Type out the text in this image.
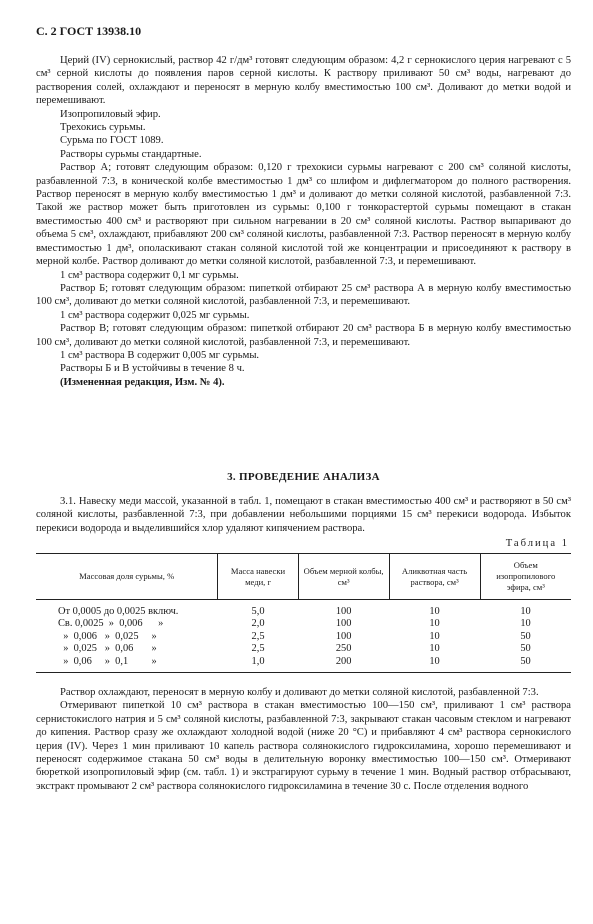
С. 2 ГОСТ 13938.10

Церий (IV) сернокислый, раствор 42 г/дм³ готовят следующим образом: 4,2 г сернокислого церия нагревают с 5 см³ серной кислоты до появления паров серной кислоты. К раствору приливают 50 см³ воды, нагревают до растворения солей, охлаждают и переносят в мерную колбу вместимостью 100 см³. Доливают до метки водой и перемешивают.

Изопропиловый эфир.

Трехокись сурьмы.

Сурьма по ГОСТ 1089.

Растворы сурьмы стандартные.

Раствор А; готовят следующим образом: 0,120 г трехокиси сурьмы нагревают с 200 см³ соляной кислоты, разбавленной 7:3, в конической колбе вместимостью 1 дм³ со шлифом и дифлегматором до полного растворения. Раствор переносят в мерную колбу вместимостью 1 дм³ и доливают до метки соляной кислотой, разбавленной 7:3. Такой же раствор может быть приготовлен из сурьмы: 0,100 г тонкорастертой сурьмы помещают в стакан вместимостью 400 см³ и растворяют при сильном нагревании в 20 см³ соляной кислоты. Раствор выпаривают до объема 5 см³, охлаждают, прибавляют 200 см³ соляной кислоты, разбавленной 7:3. Раствор переносят в мерную колбу вместимостью 1 дм³, ополаскивают стакан соляной кислотой той же концентрации и присоединяют к раствору в мерной колбе. Раствор доливают до метки соляной кислотой, разбавленной 7:3, и перемешивают.

1 см³ раствора содержит 0,1 мг сурьмы.

Раствор Б; готовят следующим образом: пипеткой отбирают 25 см³ раствора А в мерную колбу вместимостью 100 см³, доливают до метки соляной кислотой, разбавленной 7:3, и перемешивают.

1 см³ раствора содержит 0,025 мг сурьмы.

Раствор В; готовят следующим образом: пипеткой отбирают 20 см³ раствора Б в мерную колбу вместимостью 100 см³, доливают до метки соляной кислотой, разбавленной 7:3, и перемешивают.

1 см³ раствора В содержит 0,005 мг сурьмы.

Растворы Б и В устойчивы в течение 8 ч.

(Измененная редакция, Изм. № 4).

3. ПРОВЕДЕНИЕ АНАЛИЗА

3.1. Навеску меди массой, указанной в табл. 1, помещают в стакан вместимостью 400 см³ и растворяют в 50 см³ соляной кислоты, разбавленной 7:3, при добавлении небольшими порциями 15 см³ перекиси водорода. Избыток перекиси водорода и выделившийся хлор удаляют кипячением раствора.

Таблица 1
Массовая доля сурьмы, %	Масса навески меди, г	Объем мерной колбы, см³	Аликвотная часть раствора, см³	Объем изопропилового эфира, см³
От 0,0005 до 0,0025 включ.	5,0	100	10	10
Св. 0,0025  »  0,006      »	2,0	100	10	10
»  0,006   »  0,025     »	2,5	100	10	50
»  0,025   »  0,06       »	2,5	250	10	50
»  0,06     »  0,1         »	1,0	200	10	50

Раствор охлаждают, переносят в мерную колбу и доливают до метки соляной кислотой, разбавленной 7:3.

Отмеривают пипеткой 10 см³ раствора в стакан вместимостью 100—150 см³, приливают 1 см³ раствора сернистокислого натрия и 5 см³ соляной кислоты, разбавленной 7:3, закрывают стакан часовым стеклом и нагревают до кипения. Раствор сразу же охлаждают холодной водой (ниже 20 °С) и прибавляют 4 см³ раствора сернокислого церия (IV). Через 1 мин приливают 10 капель раствора солянокислого гидроксиламина, хорошо перемешивают и переносят содержимое стакана 50 см³ воды в делительную воронку вместимостью 100—150 см³. Отмеривают бюреткой изопропиловый эфир (см. табл. 1) и экстрагируют сурьму в течение 1 мин. Водный раствор отбрасывают, экстракт промывают 2 см³ раствора солянокислого гидроксиламина в течение 30 с. После отделения водного
